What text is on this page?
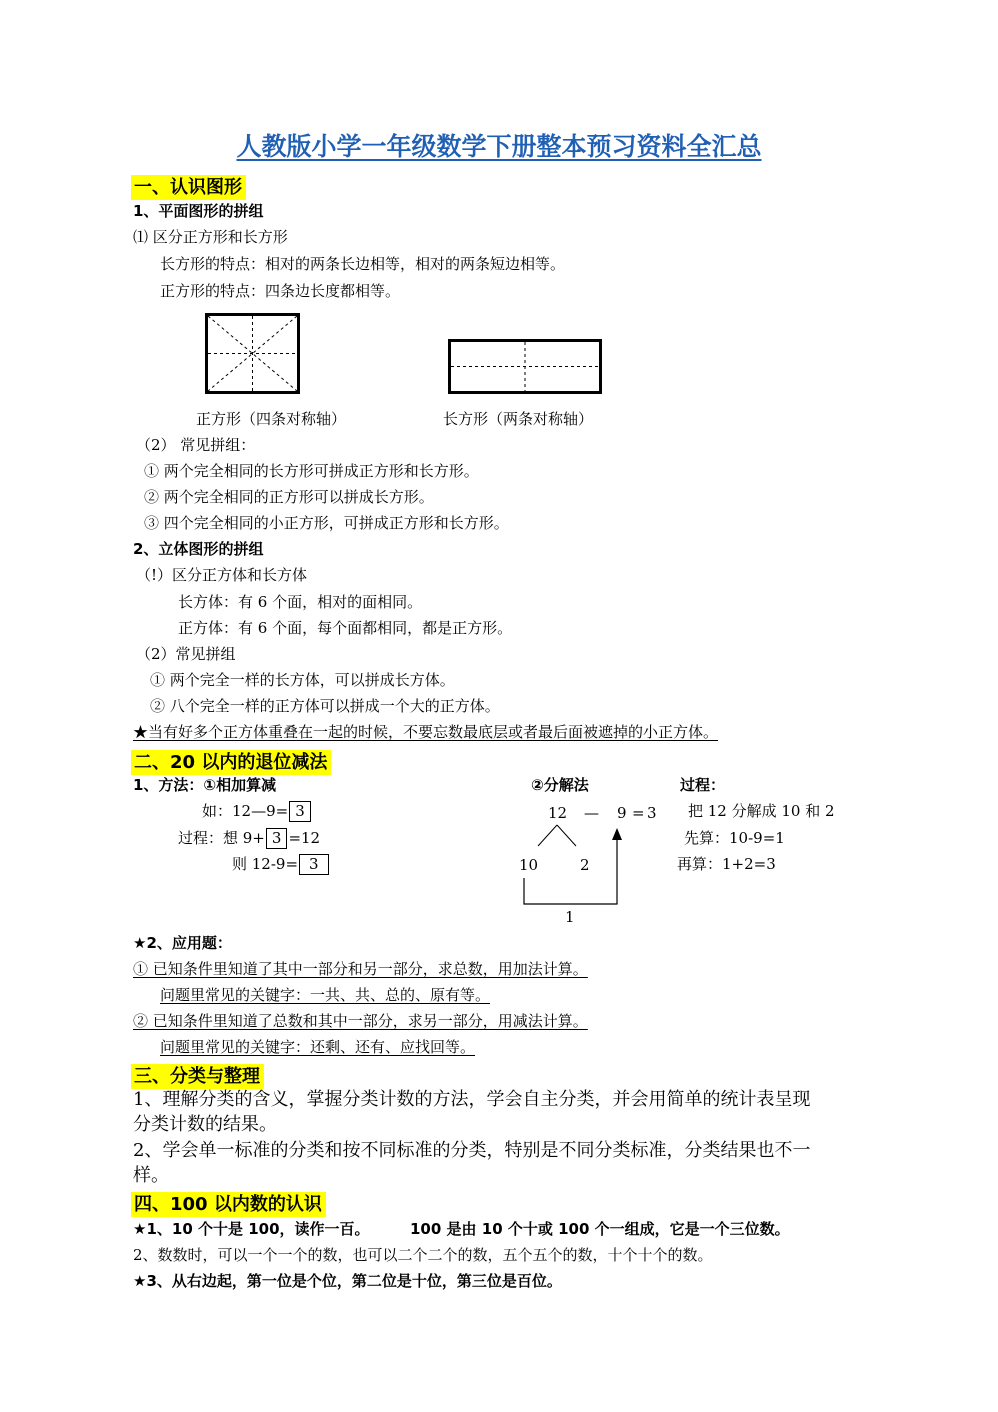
人教版小学一年级数学下册整本预习资料全汇总
一、认识图形
1、平面图形的拼组
⑴ 区分正方形和长方形
长方形的特点：相对的两条长边相等，相对的两条短边相等。
正方形的特点：四条边长度都相等。
正方形（四条对称轴）	长方形（两条对称轴）
（2） 常见拼组：
① 两个完全相同的长方形可拼成正方形和长方形。
② 两个完全相同的正方形可以拼成长方形。
③ 四个完全相同的小正方形，可拼成正方形和长方形。
2、立体图形的拼组
（!）区分正方体和长方体
长方体：有 6 个面，相对的面相同。
正方体：有 6 个面，每个面都相同，都是正方形。
（2）常见拼组
① 两个完全一样的长方体，可以拼成长方体。
② 八个完全一样的正方体可以拼成一个大的正方体。
★当有好多个正方体重叠在一起的时候，不要忘数最底层或者最后面被遮掉的小正方体。
二、20 以内的退位减法
1、方法：①相加算减
如：12—9= 3
过程：想 9+ 3 =12
则 12-9= 3
②分解法	过程：
12 — 9 = 3
10	2
1
把 12 分解成 10 和 2
先算：10-9=1
再算：1+2=3
★2、应用题：
① 已知条件里知道了其中一部分和另一部分，求总数，用加法计算。
问题里常见的关键字：一共、共、总的、原有等。
② 已知条件里知道了总数和其中一部分，求另一部分，用减法计算。
问题里常见的关键字：还剩、还有、应找回等。
三、分类与整理
1、理解分类的含义，掌握分类计数的方法，学会自主分类，并会用简单的统计表呈现
分类计数的结果。
2、学会单一标准的分类和按不同标准的分类，特别是不同分类标准，分类结果也不一
样。
四、100 以内数的认识
★1、10 个十是 100，读作一百。	100 是由 10 个十或 100 个一组成，它是一个三位数。
2、数数时，可以一个一个的数，也可以二个二个的数，五个五个的数，十个十个的数。
★3、从右边起，第一位是个位，第二位是十位，第三位是百位。
